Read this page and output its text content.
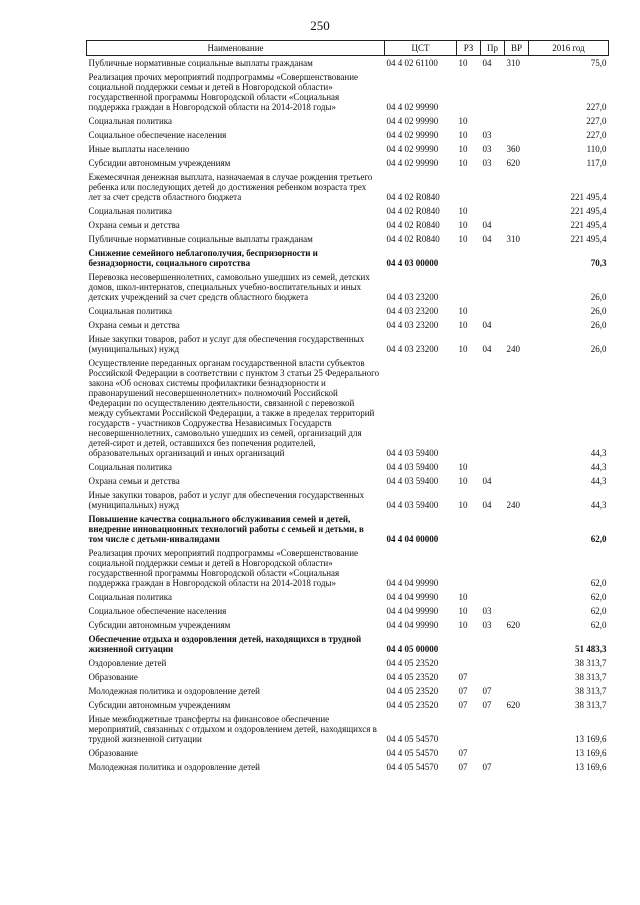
250
Наименование	ЦСТ	РЗ	Пр	ВР	2016 год
Публичные нормативные социальные выплаты гражданам	04 4 02 61100	10	04	310	75,0
Реализация прочих мероприятий подпрограммы «Совершенствование социальной поддержки семьи и детей в Новгородской области» государственной программы Новгородской области «Социальная поддержка граждан в Новгородской области на 2014-2018 годы»	04 4 02 99990				227,0
Социальная политика	04 4 02 99990	10			227,0
Социальное обеспечение населения	04 4 02 99990	10	03		227,0
Иные выплаты населению	04 4 02 99990	10	03	360	110,0
Субсидии автономным учреждениям	04 4 02 99990	10	03	620	117,0
Ежемесячная денежная выплата, назначаемая в случае рождения третьего ребенка или последующих детей до достижения ребенком возраста трех лет за счет средств областного бюджета	04 4 02 R0840				221 495,4
Социальная политика	04 4 02 R0840	10			221 495,4
Охрана семьи и детства	04 4 02 R0840	10	04		221 495,4
Публичные нормативные социальные выплаты гражданам	04 4 02 R0840	10	04	310	221 495,4
Снижение семейного неблагополучия, беспризорности и безнадзорности, социального сиротства	04 4 03 00000				70,3
Перевозка несовершеннолетних, самовольно ушедших из семей, детских домов, школ-интернатов, специальных учебно-воспитательных и иных детских учреждений за счет средств областного бюджета	04 4 03 23200				26,0
Социальная политика	04 4 03 23200	10			26,0
Охрана семьи и детства	04 4 03 23200	10	04		26,0
Иные закупки товаров, работ и услуг для обеспечения государственных (муниципальных) нужд	04 4 03 23200	10	04	240	26,0
Осуществление переданных органам государственной власти субъектов Российской Федерации в соответствии с пунктом 3 статьи 25 Федерального закона «Об основах системы профилактики безнадзорности и правонарушений несовершеннолетних» полномочий Российской Федерации по осуществлению деятельности, связанной с перевозкой между субъектами Российской Федерации, а также в пределах территорий государств - участников Содружества Независимых Государств несовершеннолетних, самовольно ушедших из семей, организаций для детей-сирот и детей, оставшихся без попечения родителей, образовательных организаций и иных организаций	04 4 03 59400				44,3
Социальная политика	04 4 03 59400	10			44,3
Охрана семьи и детства	04 4 03 59400	10	04		44,3
Иные закупки товаров, работ и услуг для обеспечения государственных (муниципальных) нужд	04 4 03 59400	10	04	240	44,3
Повышение качества социального обслуживания семей и детей, внедрение инновационных технологий работы с семьей и детьми, в том числе с детьми-инвалидами	04 4 04 00000				62,0
Реализация прочих мероприятий подпрограммы «Совершенствование социальной поддержки семьи и детей в Новгородской области» государственной программы Новгородской области «Социальная поддержка граждан в Новгородской области на 2014-2018 годы»	04 4 04 99990				62,0
Социальная политика	04 4 04 99990	10			62,0
Социальное обеспечение населения	04 4 04 99990	10	03		62,0
Субсидии автономным учреждениям	04 4 04 99990	10	03	620	62,0
Обеспечение отдыха и оздоровления детей, находящихся в трудной жизненной ситуации	04 4 05 00000				51 483,3
Оздоровление детей	04 4 05 23520				38 313,7
Образование	04 4 05 23520	07			38 313,7
Молодежная политика и оздоровление детей	04 4 05 23520	07	07		38 313,7
Субсидии автономным учреждениям	04 4 05 23520	07	07	620	38 313,7
Иные межбюджетные трансферты на финансовое обеспечение мероприятий, связанных с отдыхом и оздоровлением детей, находящихся в трудной жизненной ситуации	04 4 05 54570				13 169,6
Образование	04 4 05 54570	07			13 169,6
Молодежная политика и оздоровление детей	04 4 05 54570	07	07		13 169,6
